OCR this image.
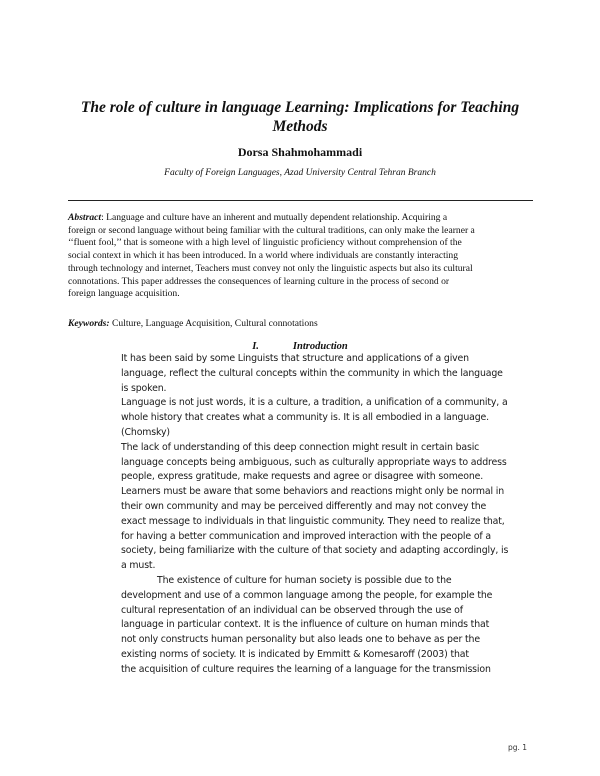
The role of culture in language Learning: Implications for Teaching
Methods
Dorsa Shahmohammadi
Faculty of Foreign Languages, Azad University Central Tehran Branch
Abstract: Language and culture have an inherent and mutually dependent relationship. Acquiring a
foreign or second language without being familiar with the cultural traditions, can only make the learner a
‘‘fluent fool,’’ that is someone with a high level of linguistic proficiency without comprehension of the
social context in which it has been introduced. In a world where individuals are constantly interacting
through technology and internet, Teachers must convey not only the linguistic aspects but also its cultural
connotations. This paper addresses the consequences of learning culture in the process of second or
foreign language acquisition.
Keywords: Culture, Language Acquisition, Cultural connotations
I.	Introduction
It has been said by some Linguists that structure and applications of a given
language, reflect the cultural concepts within the community in which the language
is spoken.
Language is not just words, it is a culture, a tradition, a unification of a community, a
whole history that creates what a community is. It is all embodied in a language.
(Chomsky)
The lack of understanding of this deep connection might result in certain basic
language concepts being ambiguous, such as culturally appropriate ways to address
people, express gratitude, make requests and agree or disagree with someone.
Learners must be aware that some behaviors and reactions might only be normal in
their own community and may be perceived differently and may not convey the
exact message to individuals in that linguistic community. They need to realize that,
for having a better communication and improved interaction with the people of a
society, being familiarize with the culture of that society and adapting accordingly, is
a must.
The existence of culture for human society is possible due to the
development and use of a common language among the people, for example the
cultural representation of an individual can be observed through the use of
language in particular context. It is the influence of culture on human minds that
not only constructs human personality but also leads one to behave as per the
existing norms of society. It is indicated by Emmitt & Komesaroff (2003) that
the acquisition of culture requires the learning of a language for the transmission
pg. 1
